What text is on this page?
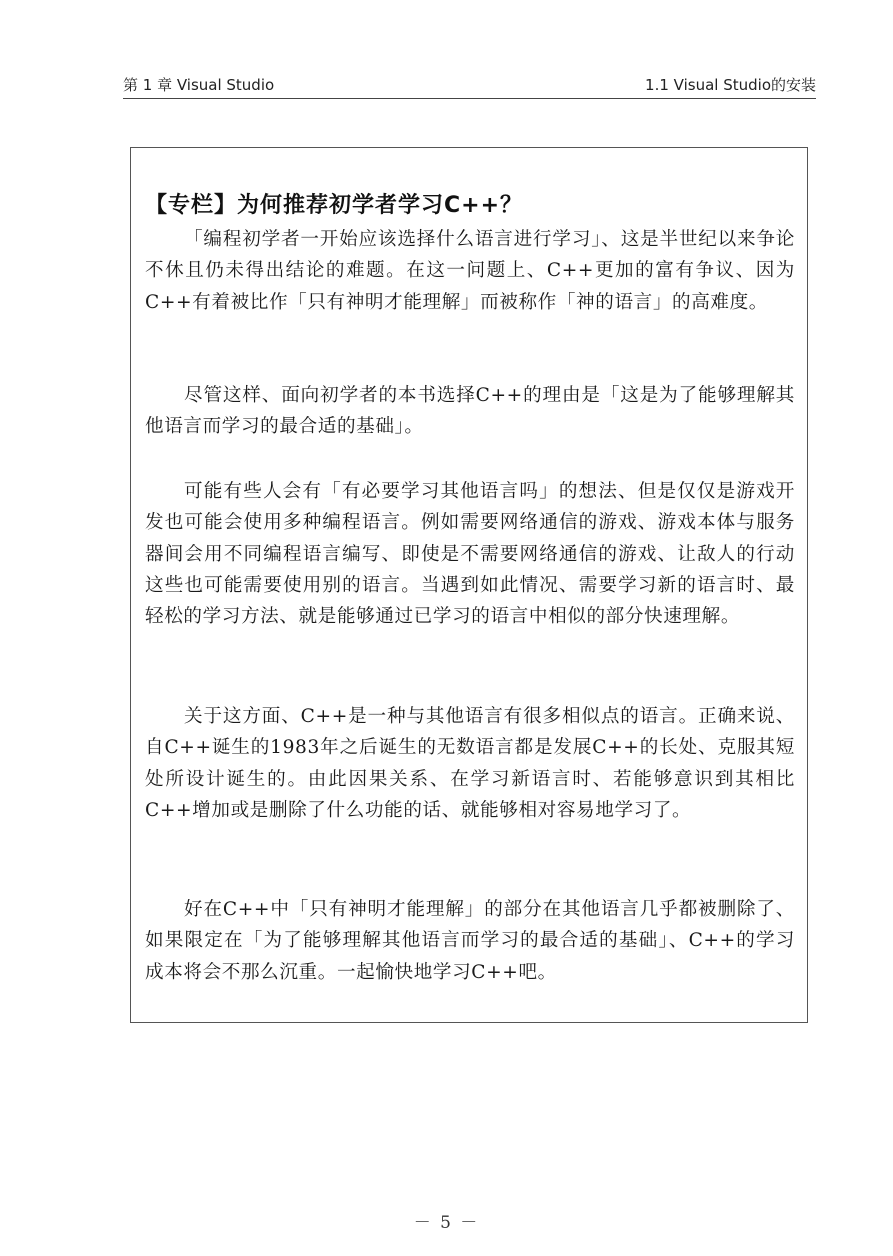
第 1 章 Visual Studio	1.1 Visual Studio的安装
【专栏】为何推荐初学者学习C++？

「编程初学者一开始应该选择什么语言进行学习」、这是半世纪以来争论不休且仍未得出结论的难题。在这一问题上、C++更加的富有争议、因为C++有着被比作「只有神明才能理解」而被称作「神的语言」的高难度。

尽管这样、面向初学者的本书选择C++的理由是「这是为了能够理解其他语言而学习的最合适的基础」。

可能有些人会有「有必要学习其他语言吗」的想法、但是仅仅是游戏开发也可能会使用多种编程语言。例如需要网络通信的游戏、游戏本体与服务器间会用不同编程语言编写、即使是不需要网络通信的游戏、让敌人的行动这些也可能需要使用别的语言。当遇到如此情况、需要学习新的语言时、最轻松的学习方法、就是能够通过已学习的语言中相似的部分快速理解。

关于这方面、C++是一种与其他语言有很多相似点的语言。正确来说、自C++诞生的1983年之后诞生的无数语言都是发展C++的长处、克服其短处所设计诞生的。由此因果关系、在学习新语言时、若能够意识到其相比C++增加或是删除了什么功能的话、就能够相对容易地学习了。

好在C++中「只有神明才能理解」的部分在其他语言几乎都被删除了、如果限定在「为了能够理解其他语言而学习的最合适的基础」、C++的学习成本将会不那么沉重。一起愉快地学习C++吧。

－ 5 －
